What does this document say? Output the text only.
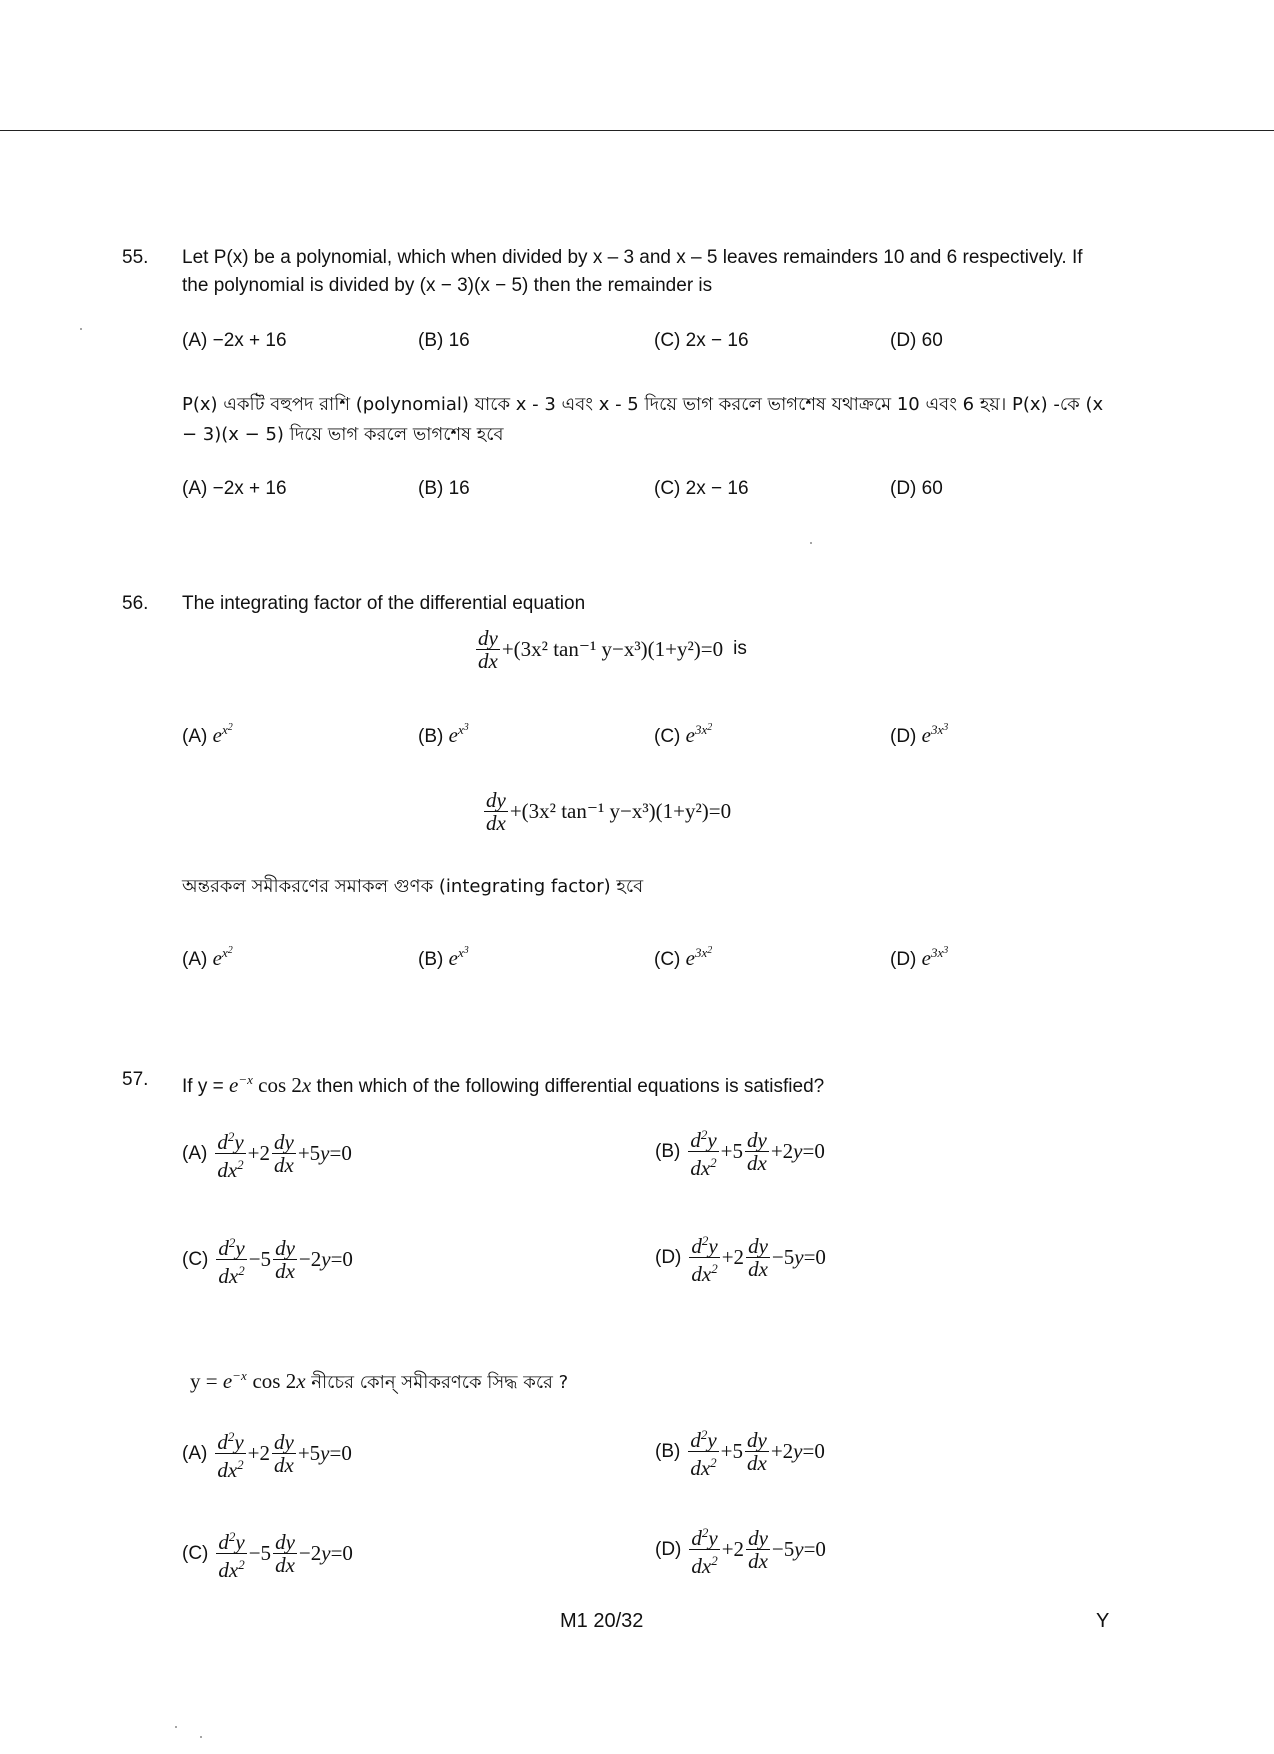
55. Let P(x) be a polynomial, which when divided by x – 3 and x – 5 leaves remainders 10 and 6 respectively. If the polynomial is divided by (x − 3)(x − 5) then the remainder is
(A) −2x + 16	(B) 16	(C) 2x − 16	(D) 60
P(x) একটি বহুপদ রাশি (polynomial) যাকে x - 3 এবং x - 5 দিয়ে ভাগ করলে ভাগশেষ যথাক্রমে 10 এবং 6 হয়। P(x) -কে (x − 3)(x − 5) দিয়ে ভাগ করলে ভাগশেষ হবে
(A) −2x + 16	(B) 16	(C) 2x − 16	(D) 60
56. The integrating factor of the differential equation
$\frac{dy}{dx} +(3x^2$ tan⁻¹ y−x³)(1+y²)=0 is
(A) $e^{x^2}$	(B) $e^{x^3}$	(C) $e^{3x^2}$	(D) $e^{3x^3}$
$\frac{dy}{dx} +(3x^2$ tan⁻¹ y−x³)(1+y²)=0
অন্তরকল সমীকরণের সমাকল গুণক (integrating factor) হবে
(A) $e^{x^2}$	(B) $e^{x^3}$	(C) $e^{3x^2}$	(D) $e^{3x^3}$
57. If $y = e^{-x}$ cos 2x then which of the following differential equations is satisfied?
$(A) \frac{d^2y}{dx^2} +2 \frac{dy}{dx} +5$ y =0	$(B) \frac{d^2y}{dx^2} +5 \frac{dy}{dx} +2$ y =0
$(C) \frac{d^2y}{dx^2} -5 \frac{dy}{dx} -2$ y =0	$(D) \frac{d^2y}{dx^2} +2 \frac{dy}{dx} -5$ y =0
$y = e^{-x}$ cos 2x নীচের কোন্‌ সমীকরণকে সিদ্ধ করে ?
$(A) \frac{d^2y}{dx^2} +2 \frac{dy}{dx} +5$ y =0	$(B) \frac{d^2y}{dx^2} +5 \frac{dy}{dx} +2$ y =0
$(C) \frac{d^2y}{dx^2} -5 \frac{dy}{dx} -2$ y =0	$(D) \frac{d^2y}{dx^2} +2 \frac{dy}{dx} -5$ y =0
M1 20/32	Y
